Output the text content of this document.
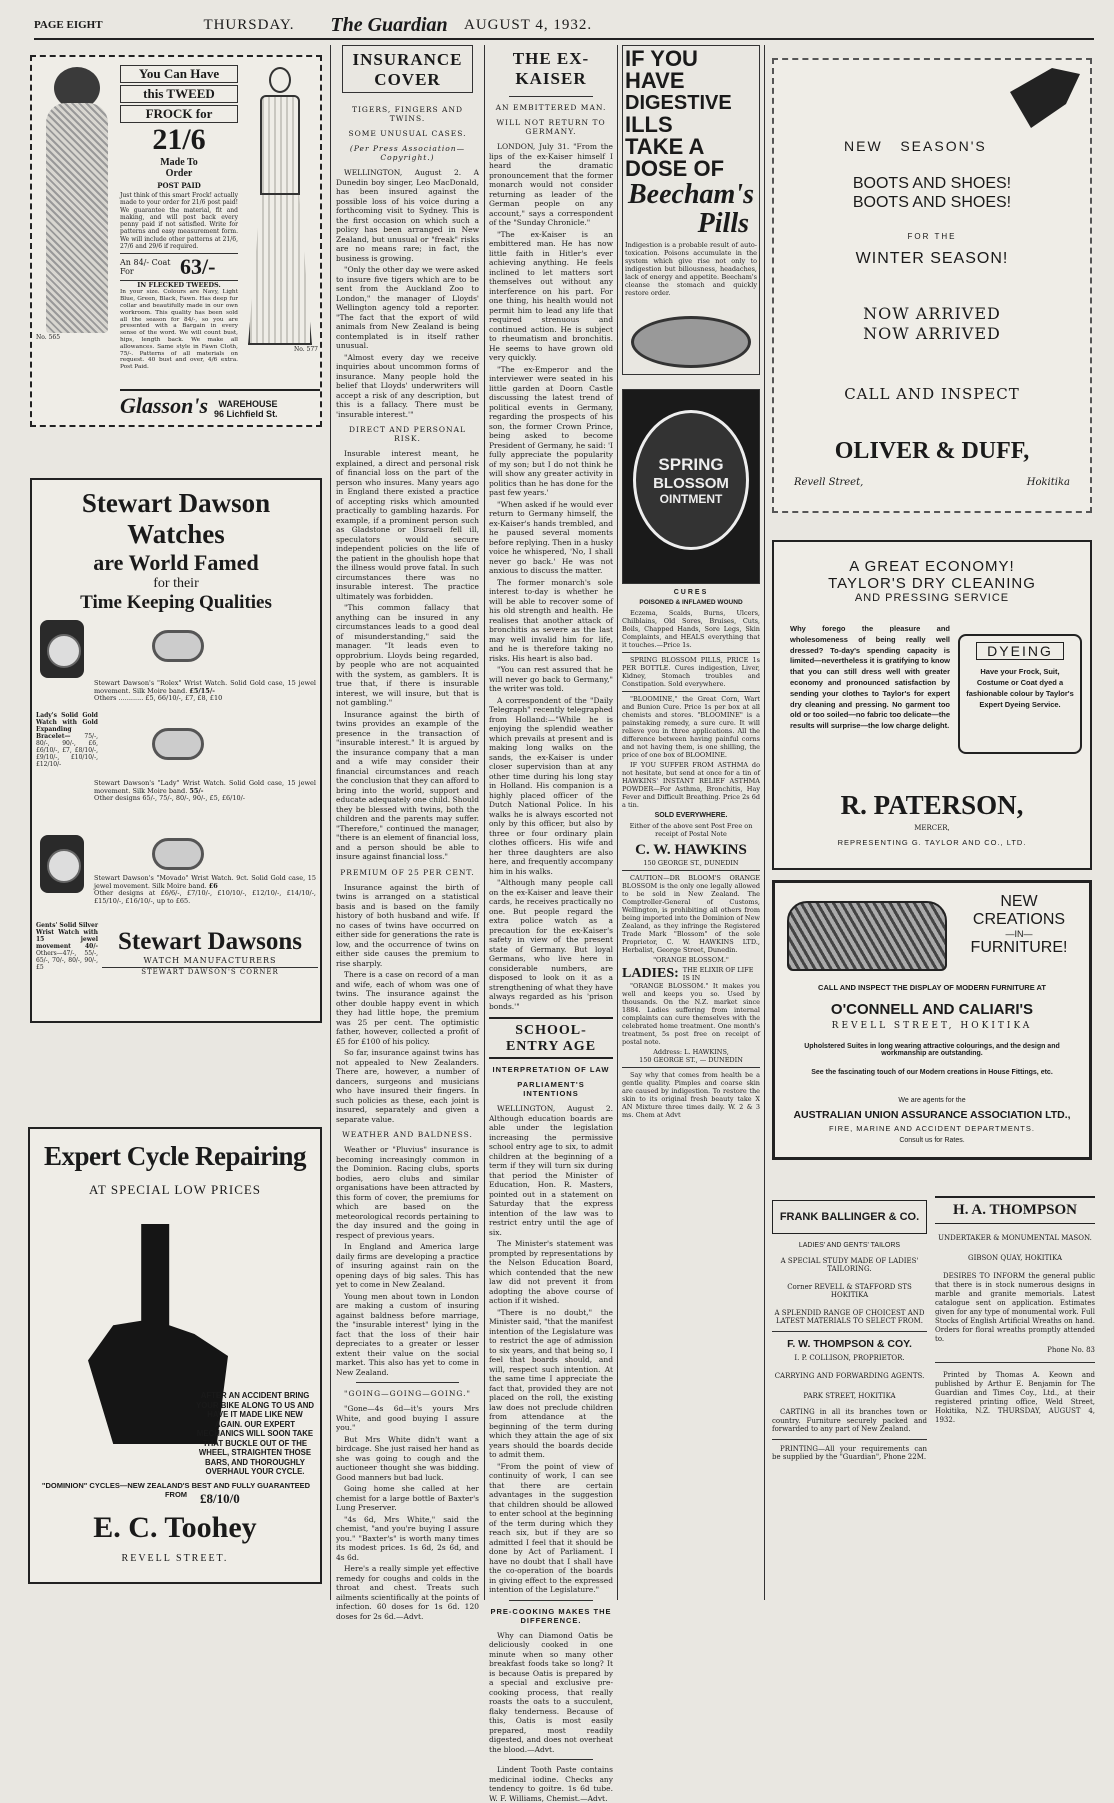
PAGE EIGHT	THURSDAY.	The Guardian	AUGUST 4, 1932.
No. 565
You Can Have
this TWEED
FROCK for
21/6
Made To Order
POST PAID
Just think of this smart Frock! actually made to your order for 21/6 post paid! We guarantee the material, fit and making, and will post back every penny paid if not satisfied. Write for patterns and easy measurement form. We will include other patterns at 21/6, 27/6 and 29/6 if required.
An 84/- Coat
For	63/-
IN FLECKED TWEEDS.
In your size. Colours are Navy, Light Blue, Green, Black, Fawn. Has deep fur collar and beautifully made in our own workroom. This quality has been sold all the season for 84/-, so you are presented with a Bargain in every sense of the word. We will count bust, hips, length back. We make all allowances. Same style in Fawn Cloth, 75/-. Patterns of all materials on request. 40 bust and over, 4/6 extra. Post Paid.
No. 577
Glasson's	WAREHOUSE
96 Lichfield St.
Stewart Dawson
Watches
are World Famed
for their
Time Keeping Qualities
Stewart Dawson's "Rolex" Wrist Watch. Solid Gold case, 15 jewel movement. Silk Moire band. £5/15/-
Others ............ £5, 66/10/-, £7, £8, £10
Lady's Solid Gold Watch with Gold Expanding Bracelet— 75/-, 80/-, 90/-, £6, £6/10/-, £7, £8/10/-, £9/10/-, £10/10/-, £12/10/-
Stewart Dawson's "Lady" Wrist Watch. Solid Gold case, 15 jewel movement. Silk Moire band. 55/-
Other designs 65/-, 75/-, 80/-, 90/-, £5, £6/10/-
Stewart Dawson's "Movado" Wrist Watch. 9ct. Solid Gold case, 15 jewel movement. Silk Moire band. £6
Other designs at £6/6/-, £7/10/-, £10/10/-, £12/10/-, £14/10/-, £15/10/-, £16/10/-, up to £65.
Gents' Solid Silver Wrist Watch with 15 jewel movement 40/- Others—47/-, 55/-, 65/-, 70/-, 80/-, 90/-, £5
Stewart Dawsons
WATCH MANUFACTURERS
STEWART DAWSON'S CORNER
Expert Cycle Repairing
AT SPECIAL LOW PRICES
AFTER AN ACCIDENT BRING YOUR BIKE ALONG TO US AND HAVE IT MADE LIKE NEW AGAIN. OUR EXPERT MECHANICS WILL SOON TAKE THAT BUCKLE OUT OF THE WHEEL, STRAIGHTEN THOSE BARS, AND THOROUGHLY OVERHAUL YOUR CYCLE.
"DOMINION" CYCLES—NEW ZEALAND'S BEST AND FULLY GUARANTEED FROM £8/10/0
E. C. Toohey
REVELL STREET.
INSURANCE COVER
TIGERS, FINGERS AND TWINS.
SOME UNUSUAL CASES.
(Per Press Association—Copyright.)

WELLINGTON, August 2. A Dunedin boy singer, Leo MacDonald, has been insured against the possible loss of his voice during a forthcoming visit to Sydney. This is the first occasion on which such a policy has been arranged in New Zealand, but unusual or "freak" risks are no means rare; in fact, the business is growing.

"Only the other day we were asked to insure five tigers which are to be sent from the Auckland Zoo to London," the manager of Lloyds' Wellington agency told a reporter. "The fact that the export of wild animals from New Zealand is being contemplated is in itself rather unusual.

"Almost every day we receive inquiries about uncommon forms of insurance. Many people hold the belief that Lloyds' underwriters will accept a risk of any description, but this is a fallacy. There must be 'insurable interest.'"

DIRECT AND PERSONAL RISK.

Insurable interest meant, he explained, a direct and personal risk of financial loss on the part of the person who insures. Many years ago in England there existed a practice of accepting risks which amounted practically to gambling hazards. For example, if a prominent person such as Gladstone or Disraeli fell ill, speculators would secure independent policies on the life of the patient in the ghoulish hope that the illness would prove fatal. In such circumstances there was no insurable interest. The practice ultimately was forbidden.

"This common fallacy that anything can be insured in any circumstances leads to a good deal of misunderstanding," said the manager. "It leads even to opprobrium. Lloyds being regarded, by people who are not acquainted with the system, as gamblers. It is true that, if there is insurable interest, we will insure, but that is not gambling."

Insurance against the birth of twins provides an example of the presence in the transaction of "insurable interest." It is argued by the insurance company that a man and a wife may consider their financial circumstances and reach the conclusion that they can afford to bring into the world, support and educate adequately one child. Should they be blessed with twins, both the children and the parents may suffer. "Therefore," continued the manager, "there is an element of financial loss, and a person should be able to insure against financial loss."

PREMIUM OF 25 PER CENT.

Insurance against the birth of twins is arranged on a statistical basis and is based on the family history of both husband and wife. If no cases of twins have occurred on either side for generations the rate is low, and the occurrence of twins on either side causes the premium to rise sharply.

There is a case on record of a man and wife, each of whom was one of twins. The insurance against the other double happy event in which they had little hope, the premium was 25 per cent. The optimistic father, however, collected a profit of £5 for £100 of his policy.

So far, insurance against twins has not appealed to New Zealanders. There are, however, a number of dancers, surgeons and musicians who have insured their fingers. In such policies as these, each joint is insured, separately and given a separate value.

WEATHER AND BALDNESS.

Weather or "Pluvius" insurance is becoming increasingly common in the Dominion. Racing clubs, sports bodies, aero clubs and similar organisations have been attracted by this form of cover, the premiums for which are based on the meteorological records pertaining to the day insured and the going in respect of previous years.

In England and America large daily firms are developing a practice of insuring against rain on the opening days of big sales. This has yet to come in New Zealand.

Young men about town in London are making a custom of insuring against baldness before marriage, the "insurable interest" lying in the fact that the loss of their hair depreciates to a greater or lesser extent their value on the social market. This also has yet to come in New Zealand.

"GOING—GOING—GOING."

"Gone—4s 6d—it's yours Mrs White, and good buying I assure you."

But Mrs White didn't want a birdcage. She just raised her hand as she was going to cough and the auctioneer thought she was bidding. Good manners but bad luck.

Going home she called at her chemist for a large bottle of Baxter's Lung Preserver.

"4s 6d, Mrs White," said the chemist, "and you're buying I assure you." "Baxter's" is worth many times its modest prices. 1s 6d, 2s 6d, and 4s 6d.

Here's a really simple yet effective remedy for coughs and colds in the throat and chest. Treats such ailments scientifically at the points of infection. 60 doses for 1s 6d. 120 doses for 2s 6d.—Advt.

THE EX-KAISER
AN EMBITTERED MAN.
WILL NOT RETURN TO GERMANY.

LONDON, July 31. "From the lips of the ex-Kaiser himself I heard the dramatic pronouncement that the former monarch would not consider returning as leader of the German people on any account," says a correspondent of the "Sunday Chronicle."

"The ex-Kaiser is an embittered man. He has now little faith in Hitler's ever achieving anything. He feels inclined to let matters sort themselves out without any interference on his part. For one thing, his health would not permit him to lead any life that required strenuous and continued action. He is subject to rheumatism and bronchitis. He seems to have grown old very quickly.

"The ex-Emperor and the interviewer were seated in his little garden at Doorn Castle discussing the latest trend of political events in Germany, regarding the prospects of his son, the former Crown Prince, being asked to become President of Germany, he said: 'I fully appreciate the popularity of my son; but I do not think he will show any greater activity in politics than he has done for the past few years.'

"When asked if he would ever return to Germany himself, the ex-Kaiser's hands trembled, and he paused several moments before replying. Then in a husky voice he whispered, 'No, I shall never go back.' He was not anxious to discuss the matter.

The former monarch's sole interest to-day is whether he will be able to recover some of his old strength and health. He realises that another attack of bronchitis as severe as the last may well invalid him for life, and he is therefore taking no risks. His heart is also bad.

"You can rest assured that he will never go back to Germany," the writer was told.

A correspondent of the "Daily Telegraph" recently telegraphed from Holland:—"While he is enjoying the splendid weather which prevails at present and is making long walks on the sands, the ex-Kaiser is under closer supervision than at any other time during his long stay in Holland. His companion is a highly placed officer of the Dutch National Police. In his walks he is always escorted not only by this officer, but also by three or four ordinary plain clothes officers. His wife and her three daughters are also here, and frequently accompany him in his walks.

"Although many people call on the ex-Kaiser and leave their cards, he receives practically no one. But people regard the extra police watch as a precaution for the ex-Kaiser's safety in view of the present state of Germany. But loyal Germans, who live here in considerable numbers, are disposed to look on it as a strengthening of what they have always regarded as his 'prison bonds.'"

SCHOOL-ENTRY AGE
INTERPRETATION OF LAW
PARLIAMENT'S INTENTIONS

WELLINGTON, August 2. Although education boards are able under the legislation increasing the permissive school entry age to six, to admit children at the beginning of a term if they will turn six during that period the Minister of Education, Hon. R. Masters, pointed out in a statement on Saturday that the express intention of the law was to restrict entry until the age of six.

The Minister's statement was prompted by representations by the Nelson Education Board, which contended that the new law did not prevent it from adopting the above course of action if it wished.

"There is no doubt," the Minister said, "that the manifest intention of the Legislature was to restrict the age of admission to six years, and that being so, I feel that boards should, and will, respect such intention. At the same time I appreciate the fact that, provided they are not placed on the roll, the existing law does not preclude children from attendance at the beginning of the term during which they attain the age of six years should the boards decide to admit them.

"From the point of view of continuity of work, I can see that there are certain advantages in the suggestion that children should be allowed to enter school at the beginning of the term during which they reach six, but if they are so admitted I feel that it should be done by Act of Parliament. I have no doubt that I shall have the co-operation of the boards in giving effect to the expressed intention of the Legislature."

PRE-COOKING MAKES THE DIFFERENCE.

Why can Diamond Oatis be deliciously cooked in one minute when so many other breakfast foods take so long? It is because Oatis is prepared by a special and exclusive pre-cooking process, that really roasts the oats to a succulent, flaky tenderness. Because of this, Oatis is most easily prepared, most readily digested, and does not overheat the blood.—Advt.

Lindent Tooth Paste contains medicinal iodine. Checks any tendency to goitre. 1s 6d tube. W. F. Williams, Chemist.—Advt.

IF YOU
HAVE
DIGESTIVE
ILLS
TAKE A
DOSE OF
Beecham's
Pills
Indigestion is a probable result of auto-toxication. Poisons accumulate in the system which give rise not only to indigestion but biliousness, headaches, lack of energy and appetite. Beecham's cleanse the stomach and quickly restore order.
SPRING
BLOSSOM
OINTMENT
CURES
POISONED & INFLAMED WOUND

Eczema, Scalds, Burns, Ulcers, Chilblains, Old Sores, Bruises, Cuts, Boils, Chapped Hands, Sore Legs, Skin Complaints, and HEALS everything that it touches.—Price 1s.

SPRING BLOSSOM PILLS, PRICE 1s PER BOTTLE. Cures indigestion, Liver, Kidney, Stomach troubles and Constipation. Sold everywhere.

"BLOOMINE," the Great Corn, Wart and Bunion Cure. Price 1s per box at all chemists and stores. "BLOOMINE" is a painstaking remedy, a sure cure. It will relieve you in three applications. All the difference between having painful corns and not having them, is one shilling, the price of one box of BLOOMINE.

IF YOU SUFFER FROM ASTHMA do not hesitate, but send at once for a tin of HAWKINS' INSTANT RELIEF ASTHMA POWDER—For Asthma, Bronchitis, Hay Fever and Difficult Breathing. Price 2s 6d a tin.

SOLD EVERYWHERE.
Either of the above sent Post Free on receipt of Postal Note
C. W. HAWKINS
150 GEORGE ST., DUNEDIN

CAUTION—DR BLOOM'S ORANGE BLOSSOM is the only one legally allowed to be sold in New Zealand. The Comptroller-General of Customs, Wellington, is prohibiting all others from being imported into the Dominion of New Zealand, as they infringe the Registered Trade Mark "Blossom" of the sole Proprietor, C. W. HAWKINS LTD., Herbalist, George Street, Dunedin.

"ORANGE BLOSSOM."
LADIES: THE ELIXIR OF LIFE IS IN

"ORANGE BLOSSOM." It makes you well and keeps you so. Used by thousands. On the N.Z. market since 1884. Ladies suffering from internal complaints can cure themselves with the celebrated home treatment. One month's treatment, 5s post free on receipt of postal note.

Address: L. HAWKINS,
150 GEORGE ST., — DUNEDIN

Say why that comes from health be a gentle quality. Pimples and coarse skin are caused by indigestion. To restore the skin to its original fresh beauty take X AN Mixture three times daily. W. 2 & 3 ms. Chem at Advt

NEW SEASON'S
BOOTS AND SHOES!
BOOTS AND SHOES!
FOR THE
WINTER SEASON!
NOW ARRIVED
NOW ARRIVED
CALL AND INSPECT
OLIVER & DUFF,
Revell Street,	Hokitika
A GREAT ECONOMY!
TAYLOR'S DRY CLEANING
AND PRESSING SERVICE
Why forego the pleasure and wholesomeness of being really well dressed? To-day's spending capacity is limited—nevertheless it is gratifying to know that you can still dress well with greater economy and pronounced satisfaction by sending your clothes to Taylor's for expert dry cleaning and pressing. No garment too old or too soiled—no fabric too delicate—the results will surprise—the low charge delight.
DYEING
Have your Frock, Suit, Costume or Coat dyed a fashionable colour by Taylor's Expert Dyeing Service.
R. PATERSON,
MERCER,
REPRESENTING G. TAYLOR AND CO., LTD.
NEW
CREATIONS
—IN—
FURNITURE!
CALL AND INSPECT THE DISPLAY OF MODERN FURNITURE AT
O'CONNELL AND CALIARI'S
REVELL STREET, HOKITIKA
Upholstered Suites in long wearing attractive colourings, and the design and workmanship are outstanding.
See the fascinating touch of our Modern creations in House Fittings, etc.
We are agents for the
AUSTRALIAN UNION ASSURANCE ASSOCIATION LTD.,
FIRE, MARINE AND ACCIDENT DEPARTMENTS.
Consult us for Rates.
FRANK BALLINGER & CO.
LADIES' AND GENTS' TAILORS
A SPECIAL STUDY MADE OF LADIES' TAILORING.
Corner REVELL & STAFFORD STS HOKITIKA
A SPLENDID RANGE OF CHOICEST AND LATEST MATERIALS TO SELECT FROM.
F. W. THOMPSON & COY.
I. P. COLLISON, PROPRIETOR.
CARRYING AND FORWARDING AGENTS.
PARK STREET, HOKITIKA

CARTING in all its branches town or country. Furniture securely packed and forwarded to any part of New Zealand.

PRINTING—All your requirements can be supplied by the "Guardian", Phone 22M.

H. A. THOMPSON
UNDERTAKER & MONUMENTAL MASON.
GIBSON QUAY, HOKITIKA

DESIRES TO INFORM the general public that there is in stock numerous designs in marble and granite memorials. Latest catalogue sent on application. Estimates given for any type of monumental work. Full Stocks of English Artificial Wreaths on hand. Orders for floral wreaths promptly attended to.

Phone No. 83

Printed by Thomas A. Keown and published by Arthur E. Benjamin for The Guardian and Times Coy., Ltd., at their registered printing office, Weld Street, Hokitika, N.Z. THURSDAY, AUGUST 4, 1932.
